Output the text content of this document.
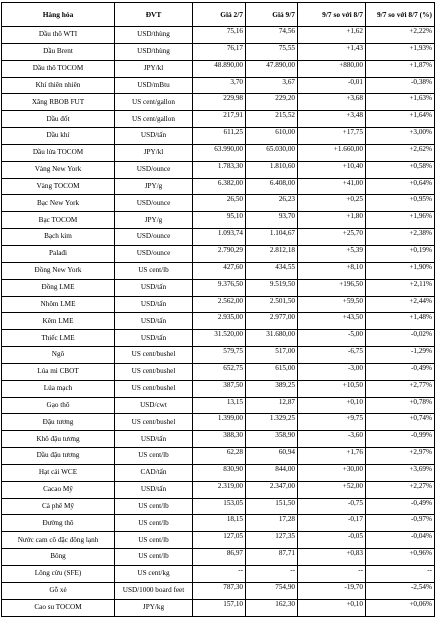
Hàng hóa	ĐVT	Giá 2/7	Giá 9/7	9/7 so với 8/7	9/7 so với 8/7 (%)
Dầu thô WTI	USD/thùng	75,16	74,56	+1,62	+2,22%
Dầu Brent	USD/thùng	76,17	75,55	+1,43	+1,93%
Dầu thô TOCOM	JPY/kl	48.890,00	47.890,00	+880,00	+1,87%
Khí thiên nhiên	USD/mBtu	3,70	3,67	-0,01	-0,38%
Xăng RBOB FUT	US cent/gallon	229,98	229,20	+3,68	+1,63%
Dầu đốt	US cent/gallon	217,91	215,52	+3,48	+1,64%
Dầu khí	USD/tấn	611,25	610,00	+17,75	+3,00%
Dầu lửa TOCOM	JPY/kl	63.990,00	65.030,00	+1.660,00	+2,62%
Vàng New York	USD/ounce	1.783,30	1.810,60	+10,40	+0,58%
Vàng TOCOM	JPY/g	6.382,00	6.408,00	+41,00	+0,64%
Bạc New York	USD/ounce	26,50	26,23	+0,25	+0,95%
Bạc TOCOM	JPY/g	95,10	93,70	+1,80	+1,96%
Bạch kim	USD/ounce	1.093,74	1.104,67	+25,70	+2,38%
Palađi	USD/ounce	2.790,29	2.812,18	+5,39	+0,19%
Đồng New York	US cent/lb	427,60	434,55	+8,10	+1,90%
Đồng LME	USD/tấn	9.376,50	9.519,50	+196,50	+2,11%
Nhôm LME	USD/tấn	2.562,00	2.501,50	+59,50	+2,44%
Kẽm LME	USD/tấn	2.935,00	2.977,00	+43,50	+1,48%
Thiếc LME	USD/tấn	31.520,00	31.680,00	-5,00	-0,02%
Ngô	US cent/bushel	579,75	517,00	-6,75	-1,29%
Lúa mì CBOT	US cent/bushel	652,75	615,00	-3,00	-0,49%
Lúa mạch	US cent/bushel	387,50	389,25	+10,50	+2,77%
Gạo thô	USD/cwt	13,15	12,87	+0,10	+0,78%
Đậu tương	US cent/bushel	1.399,00	1.329,25	+9,75	+0,74%
Khô đậu tương	USD/tấn	388,30	358,90	-3,60	-0,99%
Dầu đậu tương	US cent/lb	62,28	60,94	+1,76	+2,97%
Hạt cải WCE	CAD/tấn	830,90	844,00	+30,00	+3,69%
Cacao Mỹ	USD/tấn	2.319,00	2.347,00	+52,00	+2,27%
Cà phê Mỹ	US cent/lb	153,05	151,50	-0,75	-0,49%
Đường thô	US cent/lb	18,15	17,28	-0,17	-0,97%
Nước cam cô đặc đông lạnh	US cent/lb	127,05	127,35	-0,05	-0,04%
Bông	US cent/lb	86,97	87,71	+0,83	+0,96%
Lông cừu (SFE)	US cent/kg	--	--	--	--
Gỗ xẻ	USD/1000 board feet	787,30	754,90	-19,70	-2,54%
Cao su TOCOM	JPY/kg	157,10	162,30	+0,10	+0,06%
